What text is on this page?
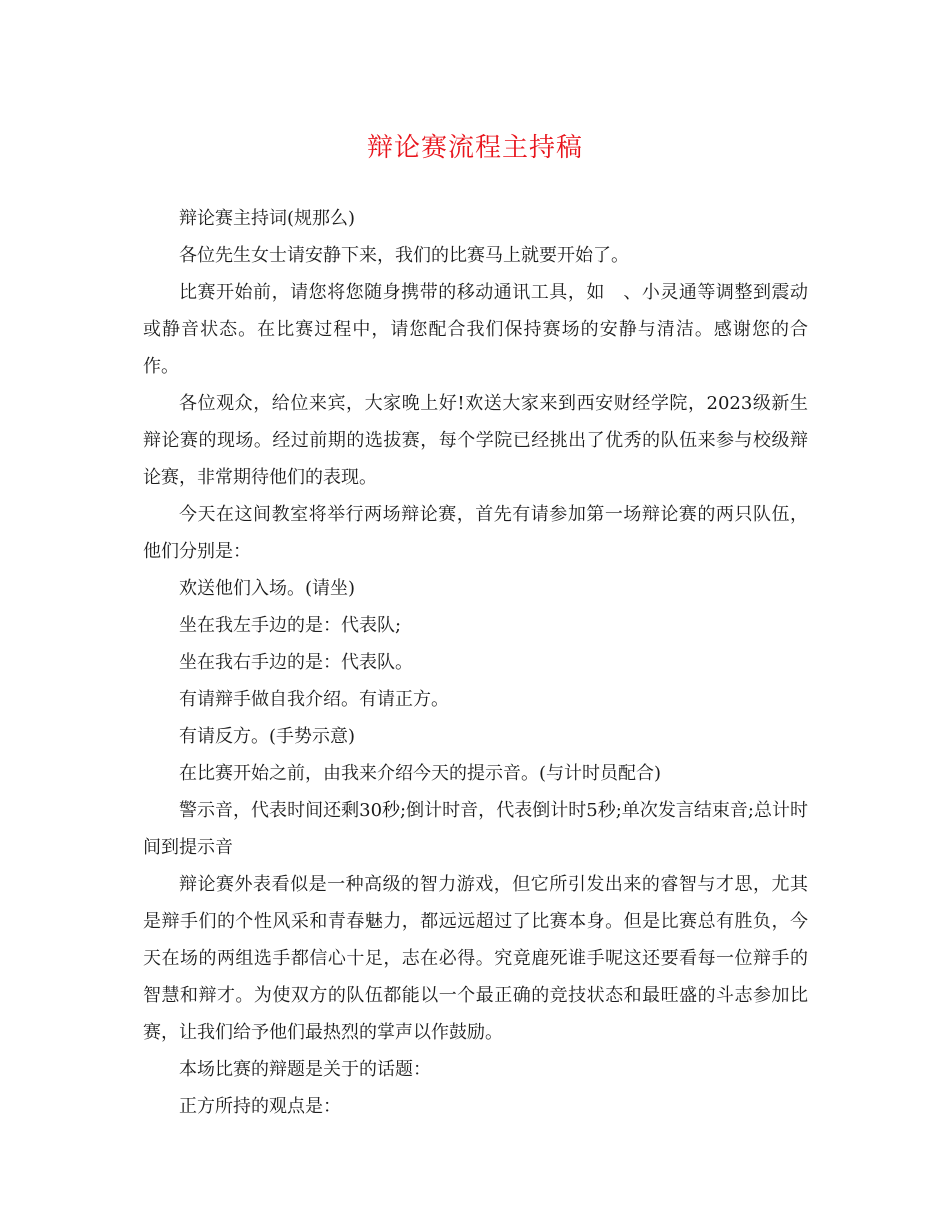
辩论赛流程主持稿

辩论赛主持词(规那么)

各位先生女士请安静下来，我们的比赛马上就要开始了。

比赛开始前，请您将您随身携带的移动通讯工具，如　、小灵通等调整到震动或静音状态。在比赛过程中，请您配合我们保持赛场的安静与清洁。感谢您的合作。

各位观众，给位来宾，大家晚上好!欢送大家来到西安财经学院，2023级新生辩论赛的现场。经过前期的选拔赛，每个学院已经挑出了优秀的队伍来参与校级辩论赛，非常期待他们的表现。

今天在这间教室将举行两场辩论赛，首先有请参加第一场辩论赛的两只队伍，他们分别是：

欢送他们入场。(请坐)

坐在我左手边的是：代表队;

坐在我右手边的是：代表队。

有请辩手做自我介绍。有请正方。

有请反方。(手势示意)

在比赛开始之前，由我来介绍今天的提示音。(与计时员配合)

警示音，代表时间还剩30秒;倒计时音，代表倒计时5秒;单次发言结束音;总计时间到提示音

辩论赛外表看似是一种高级的智力游戏，但它所引发出来的睿智与才思，尤其是辩手们的个性风采和青春魅力，都远远超过了比赛本身。但是比赛总有胜负，今天在场的两组选手都信心十足，志在必得。究竟鹿死谁手呢这还要看每一位辩手的智慧和辩才。为使双方的队伍都能以一个最正确的竞技状态和最旺盛的斗志参加比赛，让我们给予他们最热烈的掌声以作鼓励。

本场比赛的辩题是关于的话题：

正方所持的观点是：
